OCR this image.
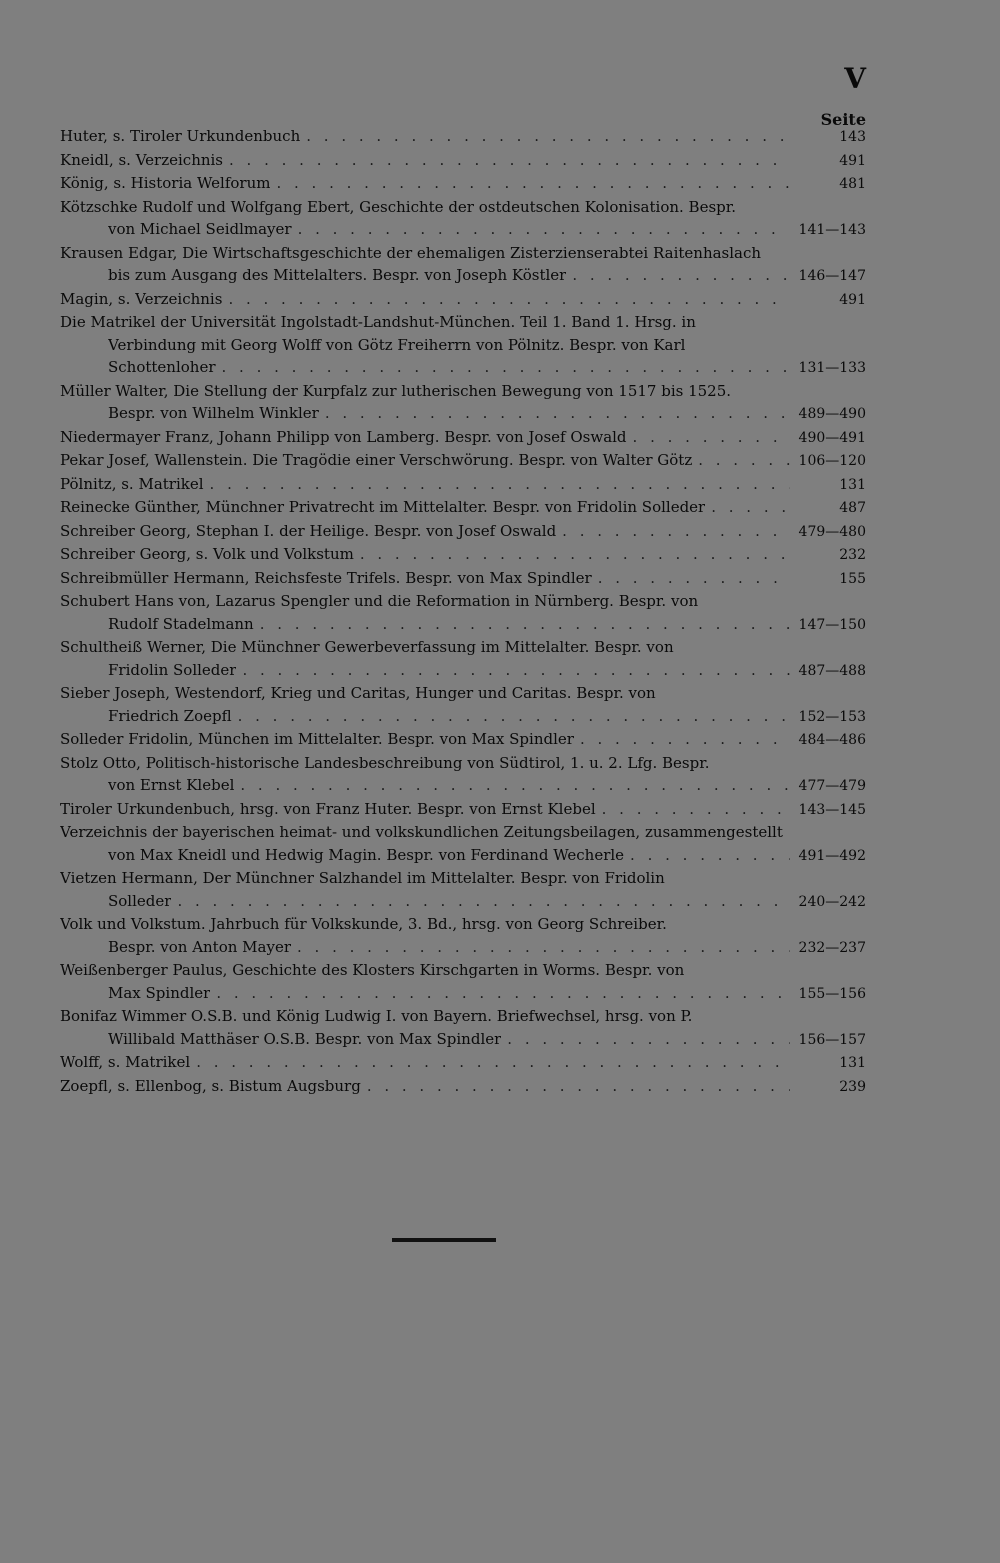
V
Seite
Huter, s. Tiroler Urkundenbuch . . .	143
Kneidl, s. Verzeichnis . . .	491
König, s. Historia Welforum . . .	481
Kötzschke Rudolf und Wolfgang Ebert, Geschichte der ostdeutschen Kolonisation. Bespr.
von Michael Seidlmayer . . .	141—143
Krausen Edgar, Die Wirtschaftsgeschichte der ehemaligen Zisterzienserabtei Raitenhaslach
bis zum Ausgang des Mittelalters. Bespr. von Joseph Köstler . . .	146—147
Magin, s. Verzeichnis . . .	491
Die Matrikel der Universität Ingolstadt-Landshut-München. Teil 1. Band 1. Hrsg. in
Verbindung mit Georg Wolff von Götz Freiherrn von Pölnitz. Bespr. von Karl
Schottenloher . . .	131—133
Müller Walter, Die Stellung der Kurpfalz zur lutherischen Bewegung von 1517 bis 1525.
Bespr. von Wilhelm Winkler . . .	489—490
Niedermayer Franz, Johann Philipp von Lamberg. Bespr. von Josef Oswald . . .	490—491
Pekar Josef, Wallenstein. Die Tragödie einer Verschwörung. Bespr. von Walter Götz . . .	106—120
Pölnitz, s. Matrikel . . .	131
Reinecke Günther, Münchner Privatrecht im Mittelalter. Bespr. von Fridolin Solleder . . .	487
Schreiber Georg, Stephan I. der Heilige. Bespr. von Josef Oswald . . .	479—480
Schreiber Georg, s. Volk und Volkstum . . .	232
Schreibmüller Hermann, Reichsfeste Trifels. Bespr. von Max Spindler . . .	155
Schubert Hans von, Lazarus Spengler und die Reformation in Nürnberg. Bespr. von
Rudolf Stadelmann . . .	147—150
Schultheiß Werner, Die Münchner Gewerbeverfassung im Mittelalter. Bespr. von
Fridolin Solleder . . .	487—488
Sieber Joseph, Westendorf, Krieg und Caritas, Hunger und Caritas. Bespr. von
Friedrich Zoepfl . . .	152—153
Solleder Fridolin, München im Mittelalter. Bespr. von Max Spindler . . .	484—486
Stolz Otto, Politisch-historische Landesbeschreibung von Südtirol, 1. u. 2. Lfg. Bespr.
von Ernst Klebel . . .	477—479
Tiroler Urkundenbuch, hrsg. von Franz Huter. Bespr. von Ernst Klebel . . .	143—145
Verzeichnis der bayerischen heimat- und volkskundlichen Zeitungsbeilagen, zusammengestellt
von Max Kneidl und Hedwig Magin. Bespr. von Ferdinand Wecherle . . .	491—492
Vietzen Hermann, Der Münchner Salzhandel im Mittelalter. Bespr. von Fridolin
Solleder . . .	240—242
Volk und Volkstum. Jahrbuch für Volkskunde, 3. Bd., hrsg. von Georg Schreiber.
Bespr. von Anton Mayer . . .	232—237
Weißenberger Paulus, Geschichte des Klosters Kirschgarten in Worms. Bespr. von
Max Spindler . . .	155—156
Bonifaz Wimmer O.S.B. und König Ludwig I. von Bayern. Briefwechsel, hrsg. von P.
Willibald Matthäser O.S.B. Bespr. von Max Spindler . . .	156—157
Wolff, s. Matrikel . . .	131
Zoepfl, s. Ellenbog, s. Bistum Augsburg . . .	239
